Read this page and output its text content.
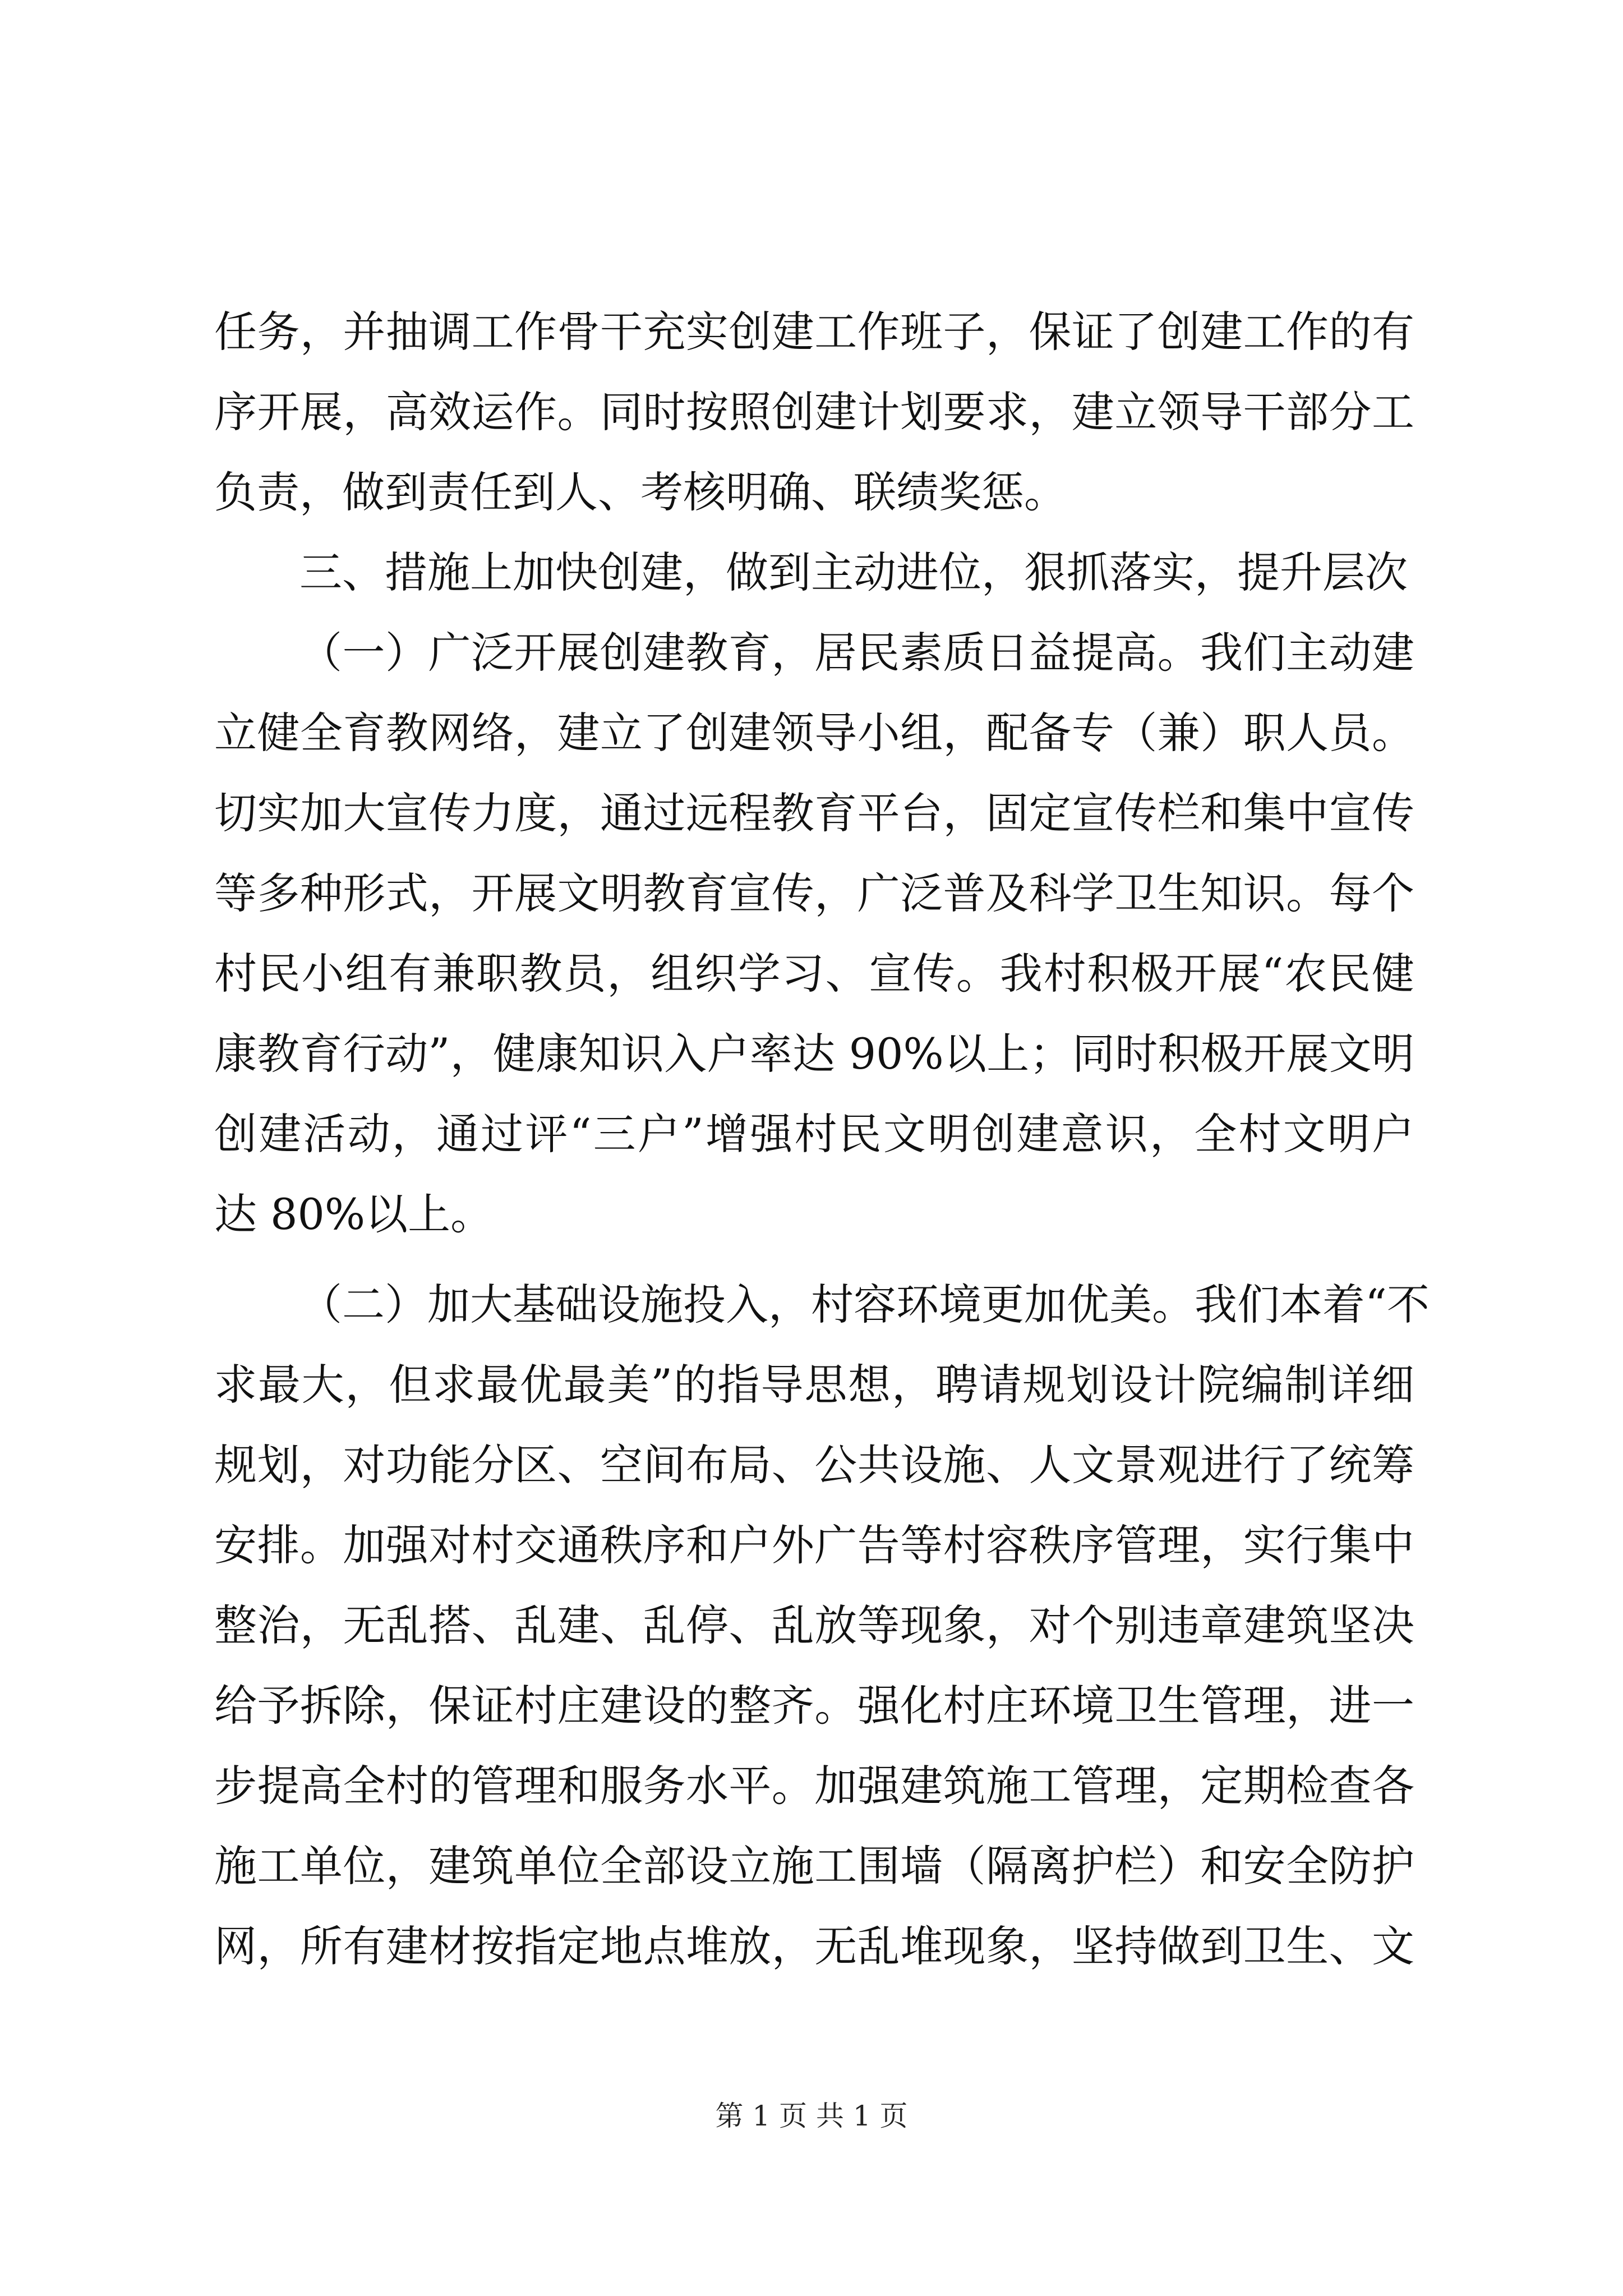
任务，并抽调工作骨干充实创建工作班子，保证了创建工作的有
序开展，高效运作。同时按照创建计划要求，建立领导干部分工
负责，做到责任到人、考核明确、联绩奖惩。
三、措施上加快创建，做到主动进位，狠抓落实，提升层次
（一）广泛开展创建教育，居民素质日益提高。我们主动建
立健全育教网络，建立了创建领导小组，配备专（兼）职人员。
切实加大宣传力度，通过远程教育平台，固定宣传栏和集中宣传
等多种形式，开展文明教育宣传，广泛普及科学卫生知识。每个
村民小组有兼职教员，组织学习、宣传。我村积极开展“农民健
康教育行动”，健康知识入户率达 90%以上；同时积极开展文明
创建活动，通过评“三户”增强村民文明创建意识，全村文明户
达 80%以上。
（二）加大基础设施投入，村容环境更加优美。我们本着“不
求最大，但求最优最美”的指导思想，聘请规划设计院编制详细
规划，对功能分区、空间布局、公共设施、人文景观进行了统筹
安排。加强对村交通秩序和户外广告等村容秩序管理，实行集中
整治，无乱搭、乱建、乱停、乱放等现象，对个别违章建筑坚决
给予拆除，保证村庄建设的整齐。强化村庄环境卫生管理，进一
步提高全村的管理和服务水平。加强建筑施工管理，定期检查各
施工单位，建筑单位全部设立施工围墙（隔离护栏）和安全防护
网，所有建材按指定地点堆放，无乱堆现象，坚持做到卫生、文
第 1 页 共 1 页
